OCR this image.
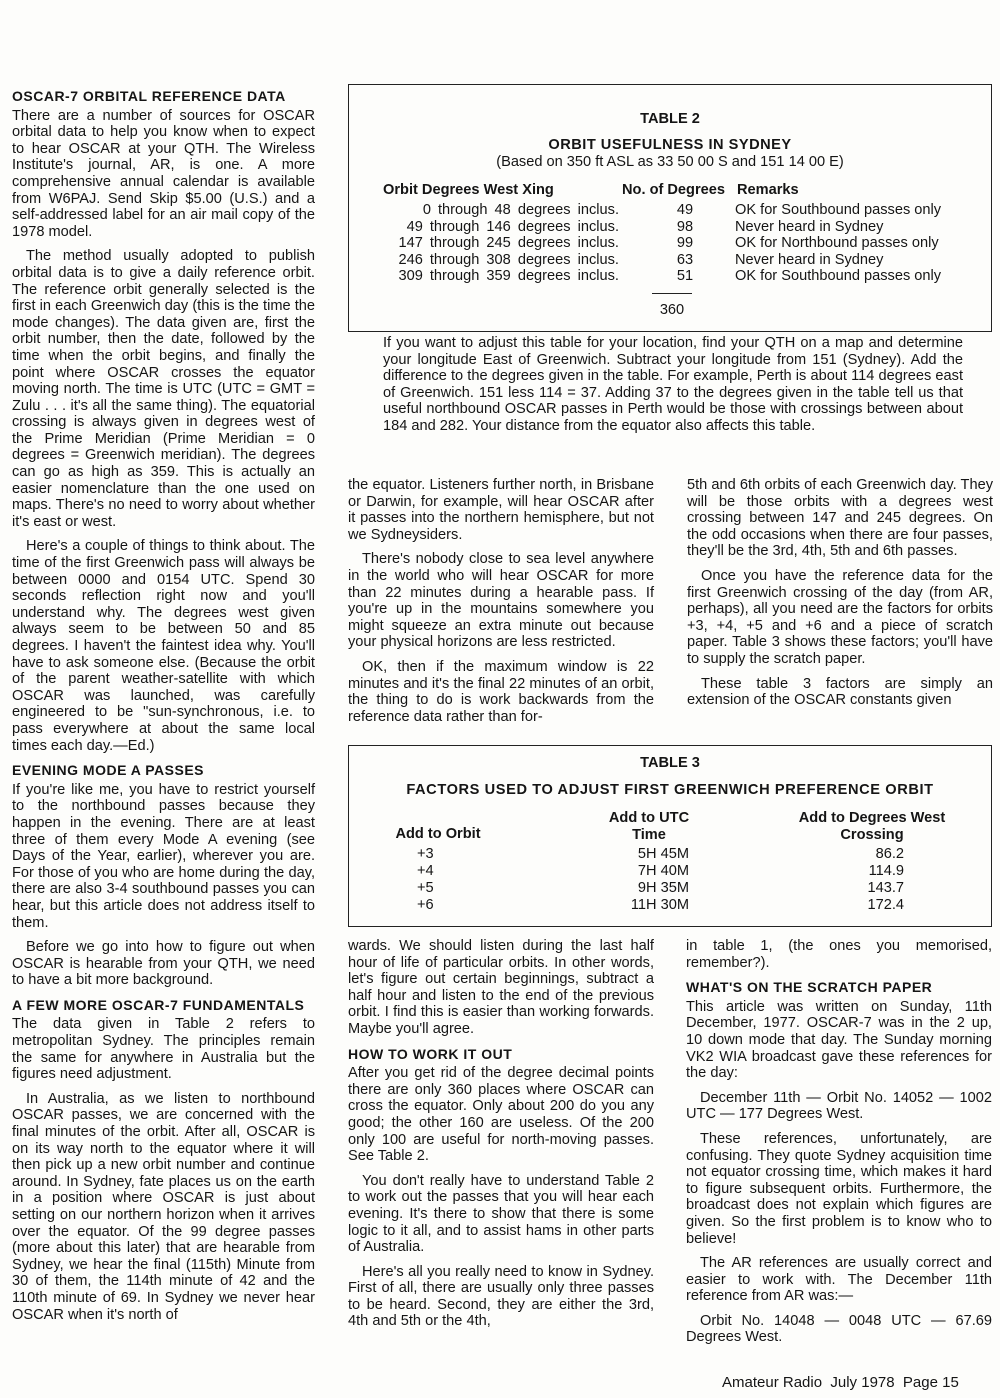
OSCAR-7 ORBITAL REFERENCE DATA

There are a number of sources for OSCAR orbital data to help you know when to expect to hear OSCAR at your QTH. The Wireless Institute's journal, AR, is one. A more comprehensive annual calendar is available from W6PAJ. Send Skip $5.00 (U.S.) and a self-addressed label for an air mail copy of the 1978 model.

The method usually adopted to publish orbital data is to give a daily reference orbit. The reference orbit generally selected is the first in each Greenwich day (this is the time the mode changes). The data given are, first the orbit number, then the date, followed by the time when the orbit begins, and finally the point where OSCAR crosses the equator moving north. The time is UTC (UTC = GMT = Zulu . . . it's all the same thing). The equatorial crossing is always given in degrees west of the Prime Meridian (Prime Meridian = 0 degrees = Greenwich meridian). The degrees can go as high as 359. This is actually an easier nomenclature than the one used on maps. There's no need to worry about whether it's east or west.

Here's a couple of things to think about. The time of the first Greenwich pass will always be between 0000 and 0154 UTC. Spend 30 seconds reflection right now and you'll understand why. The degrees west given always seem to be between 50 and 85 degrees. I haven't the faintest idea why. You'll have to ask someone else. (Because the orbit of the parent weather-satellite with which OSCAR was launched, was carefully engineered to be "sun-synchronous, i.e. to pass everywhere at about the same local times each day.—Ed.)

EVENING MODE A PASSES

If you're like me, you have to restrict yourself to the northbound passes because they happen in the evening. There are at least three of them every Mode A evening (see Days of the Year, earlier), wherever you are. For those of you who are home during the day, there are also 3-4 southbound passes you can hear, but this article does not address itself to them.

Before we go into how to figure out when OSCAR is hearable from your QTH, we need to have a bit more background.

A FEW MORE OSCAR-7 FUNDAMENTALS

The data given in Table 2 refers to metropolitan Sydney. The principles remain the same for anywhere in Australia but the figures need adjustment.

In Australia, as we listen to northbound OSCAR passes, we are concerned with the final minutes of the orbit. After all, OSCAR is on its way north to the equator where it will then pick up a new orbit number and continue around. In Sydney, fate places us on the earth in a position where OSCAR is just about setting on our northern horizon when it arrives over the equator. Of the 99 degree passes (more about this later) that are hearable from Sydney, we hear the final (115th) Minute from 30 of them, the 114th minute of 42 and the 110th minute of 69. In Sydney we never hear OSCAR when it's north of

TABLE 2
ORBIT USEFULNESS IN SYDNEY
(Based on 350 ft ASL as 33 50 00 S and 151 14 00 E)
Orbit Degrees West Xing	No. of Degrees Remarks
0 through 48 degrees inclus.	49	OK for Southbound passes only
49 through 146 degrees inclus.	98	Never heard in Sydney
147 through 245 degrees inclus.	99	OK for Northbound passes only
246 through 308 degrees inclus.	63	Never heard in Sydney
309 through 359 degrees inclus.	51	OK for Southbound passes only
360

If you want to adjust this table for your location, find your QTH on a map and determine your longitude East of Greenwich. Subtract your longitude from 151 (Sydney). Add the difference to the degrees given in the table. For example, Perth is about 114 degrees east of Greenwich. 151 less 114 = 37. Adding 37 to the degrees given in the table tell us that useful northbound OSCAR passes in Perth would be those with crossings between about 184 and 282. Your distance from the equator also affects this table.

the equator. Listeners further north, in Brisbane or Darwin, for example, will hear OSCAR after it passes into the northern hemisphere, but not we Sydneysiders.

There's nobody close to sea level anywhere in the world who will hear OSCAR for more than 22 minutes during a hearable pass. If you're up in the mountains somewhere you might squeeze an extra minute out because your physical horizons are less restricted.

OK, then if the maximum window is 22 minutes and it's the final 22 minutes of an orbit, the thing to do is work backwards from the reference data rather than for-

5th and 6th orbits of each Greenwich day. They will be those orbits with a degrees west crossing between 147 and 245 degrees. On the odd occasions when there are four passes, they'll be the 3rd, 4th, 5th and 6th passes.

Once you have the reference data for the first Greenwich crossing of the day (from AR, perhaps), all you need are the factors for orbits +3, +4, +5 and +6 and a piece of scratch paper. Table 3 shows these factors; you'll have to supply the scratch paper.

These table 3 factors are simply an extension of the OSCAR constants given

TABLE 3
FACTORS USED TO ADJUST FIRST GREENWICH PREFERENCE ORBIT
Add to Orbit
Add to UTC Time
Add to Degrees West Crossing
+3	5H 45M	86.2
+4	7H 40M	114.9
+5	9H 35M	143.7
+6	11H 30M	172.4

wards. We should listen during the last half hour of life of particular orbits. In other words, let's figure out certain beginnings, subtract a half hour and listen to the end of the previous orbit. I find this is easier than working forwards. Maybe you'll agree.

HOW TO WORK IT OUT

After you get rid of the degree decimal points there are only 360 places where OSCAR can cross the equator. Only about 200 do you any good; the other 160 are useless. Of the 200 only 100 are useful for north-moving passes. See Table 2.

You don't really have to understand Table 2 to work out the passes that you will hear each evening. It's there to show that there is some logic to it all, and to assist hams in other parts of Australia.

Here's all you really need to know in Sydney. First of all, there are usually only three passes to be heard. Second, they are either the 3rd, 4th and 5th or the 4th,

in table 1, (the ones you memorised, remember?).

WHAT'S ON THE SCRATCH PAPER

This article was written on Sunday, 11th December, 1977. OSCAR-7 was in the 2 up, 10 down mode that day. The Sunday morning VK2 WIA broadcast gave these references for the day:

December 11th — Orbit No. 14052 — 1002 UTC — 177 Degrees West.

These references, unfortunately, are confusing. They quote Sydney acquisition time not equator crossing time, which makes it hard to figure subsequent orbits. Furthermore, the broadcast does not explain which figures are given. So the first problem is to know who to believe!

The AR references are usually correct and easier to work with. The December 11th reference from AR was:—

Orbit No. 14048 — 0048 UTC — 67.69 Degrees West.

Amateur Radio  July 1978  Page 15
